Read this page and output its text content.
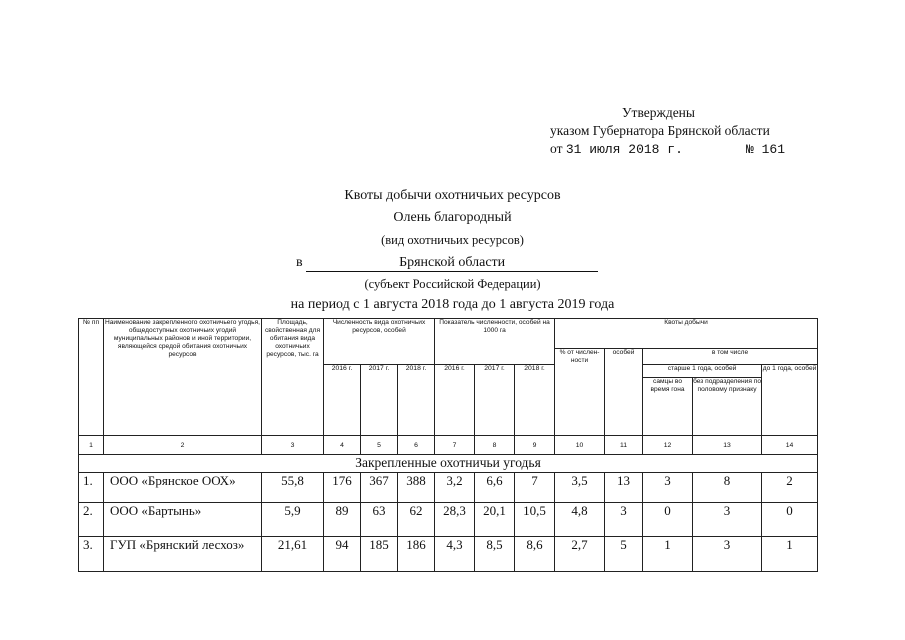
Утверждены
указом Губернатора Брянской области
от 31 июля 2018 г.	№ 161
Квоты добычи охотничьих ресурсов
Олень благородный
(вид охотничьих ресурсов)
в	Брянской области
(субъект Российской Федерации)
на период с 1 августа 2018 года до 1 августа 2019 года
№ пп	Наименование закрепленного охотничьего угодья, общедоступных охотничьих угодий муниципальных районов и иной территории, являющейся средой обитания охотничьих ресурсов	Площадь, свойственная для обитания вида охотничьих ресурсов, тыс. га	Численность вида охотничьих ресурсов, особей			Показатель численности, особей на 1000 га			Квоты добычи				
									% от числен-ности	особей	в том числе		
			2016 г.	2017 г.	2018 г.	2016 г.	2017 г.	2018 г.			старше 1 года, особей		до 1 года, особей
											самцы во время гона	без подразделения по половому признаку	
1	2	3	4	5	6	7	8	9	10	11	12	13	14
Закрепленные охотничьи угодья													
1.	ООО «Брянское ООХ»	55,8	176	367	388	3,2	6,6	7	3,5	13	3	8	2
2.	ООО «Бартынь»	5,9	89	63	62	28,3	20,1	10,5	4,8	3	0	3	0
3.	ГУП «Брянский лесхоз»	21,61	94	185	186	4,3	8,5	8,6	2,7	5	1	3	1
